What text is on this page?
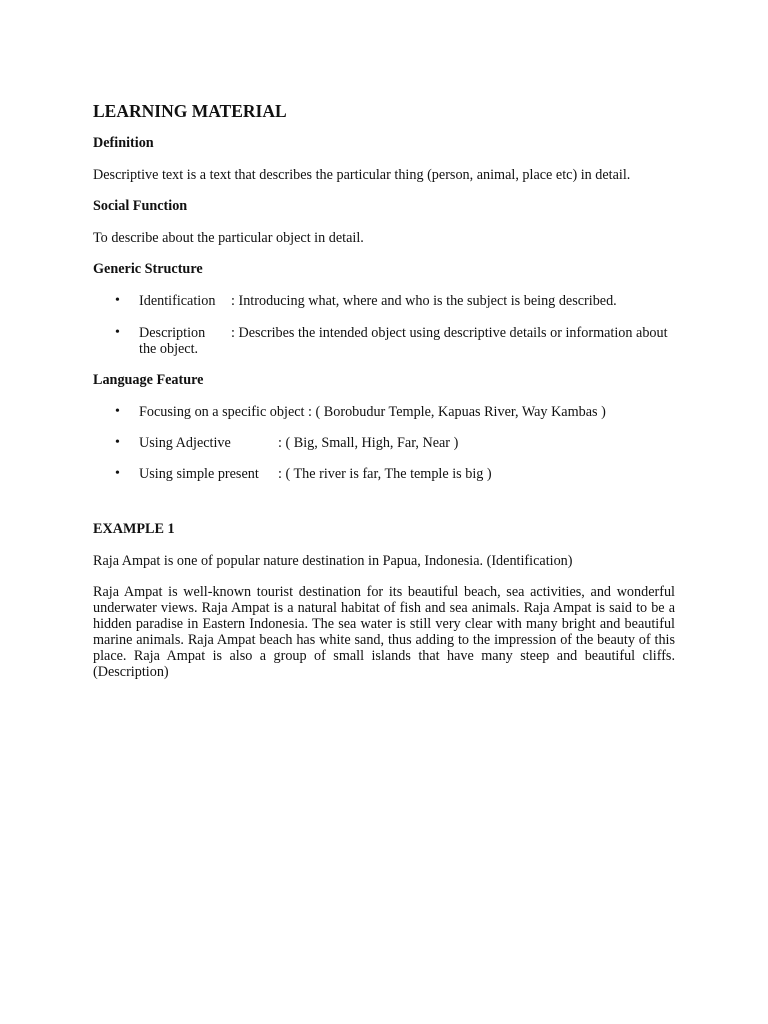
LEARNING MATERIAL
Definition

Descriptive text is a text that describes the particular thing (person, animal, place etc) in detail.

Social Function

To describe about the particular object in detail.

Generic Structure
• Identification : Introducing what, where and who is the subject is being described.
• Description : Describes the intended object using descriptive details or information about the object.
Language Feature
• Focusing on a specific object : ( Borobudur Temple, Kapuas River, Way Kambas )
• Using Adjective	: ( Big, Small, High, Far, Near )
• Using simple present : ( The river is far, The temple is big )
EXAMPLE 1

Raja Ampat is one of popular nature destination in Papua, Indonesia. (Identification)

Raja Ampat is well-known tourist destination for its beautiful beach, sea activities, and wonderful underwater views. Raja Ampat is a natural habitat of fish and sea animals. Raja Ampat is said to be a hidden paradise in Eastern Indonesia. The sea water is still very clear with many bright and beautiful marine animals. Raja Ampat beach has white sand, thus adding to the impression of the beauty of this place. Raja Ampat is also a group of small islands that have many steep and beautiful cliffs. (Description)
